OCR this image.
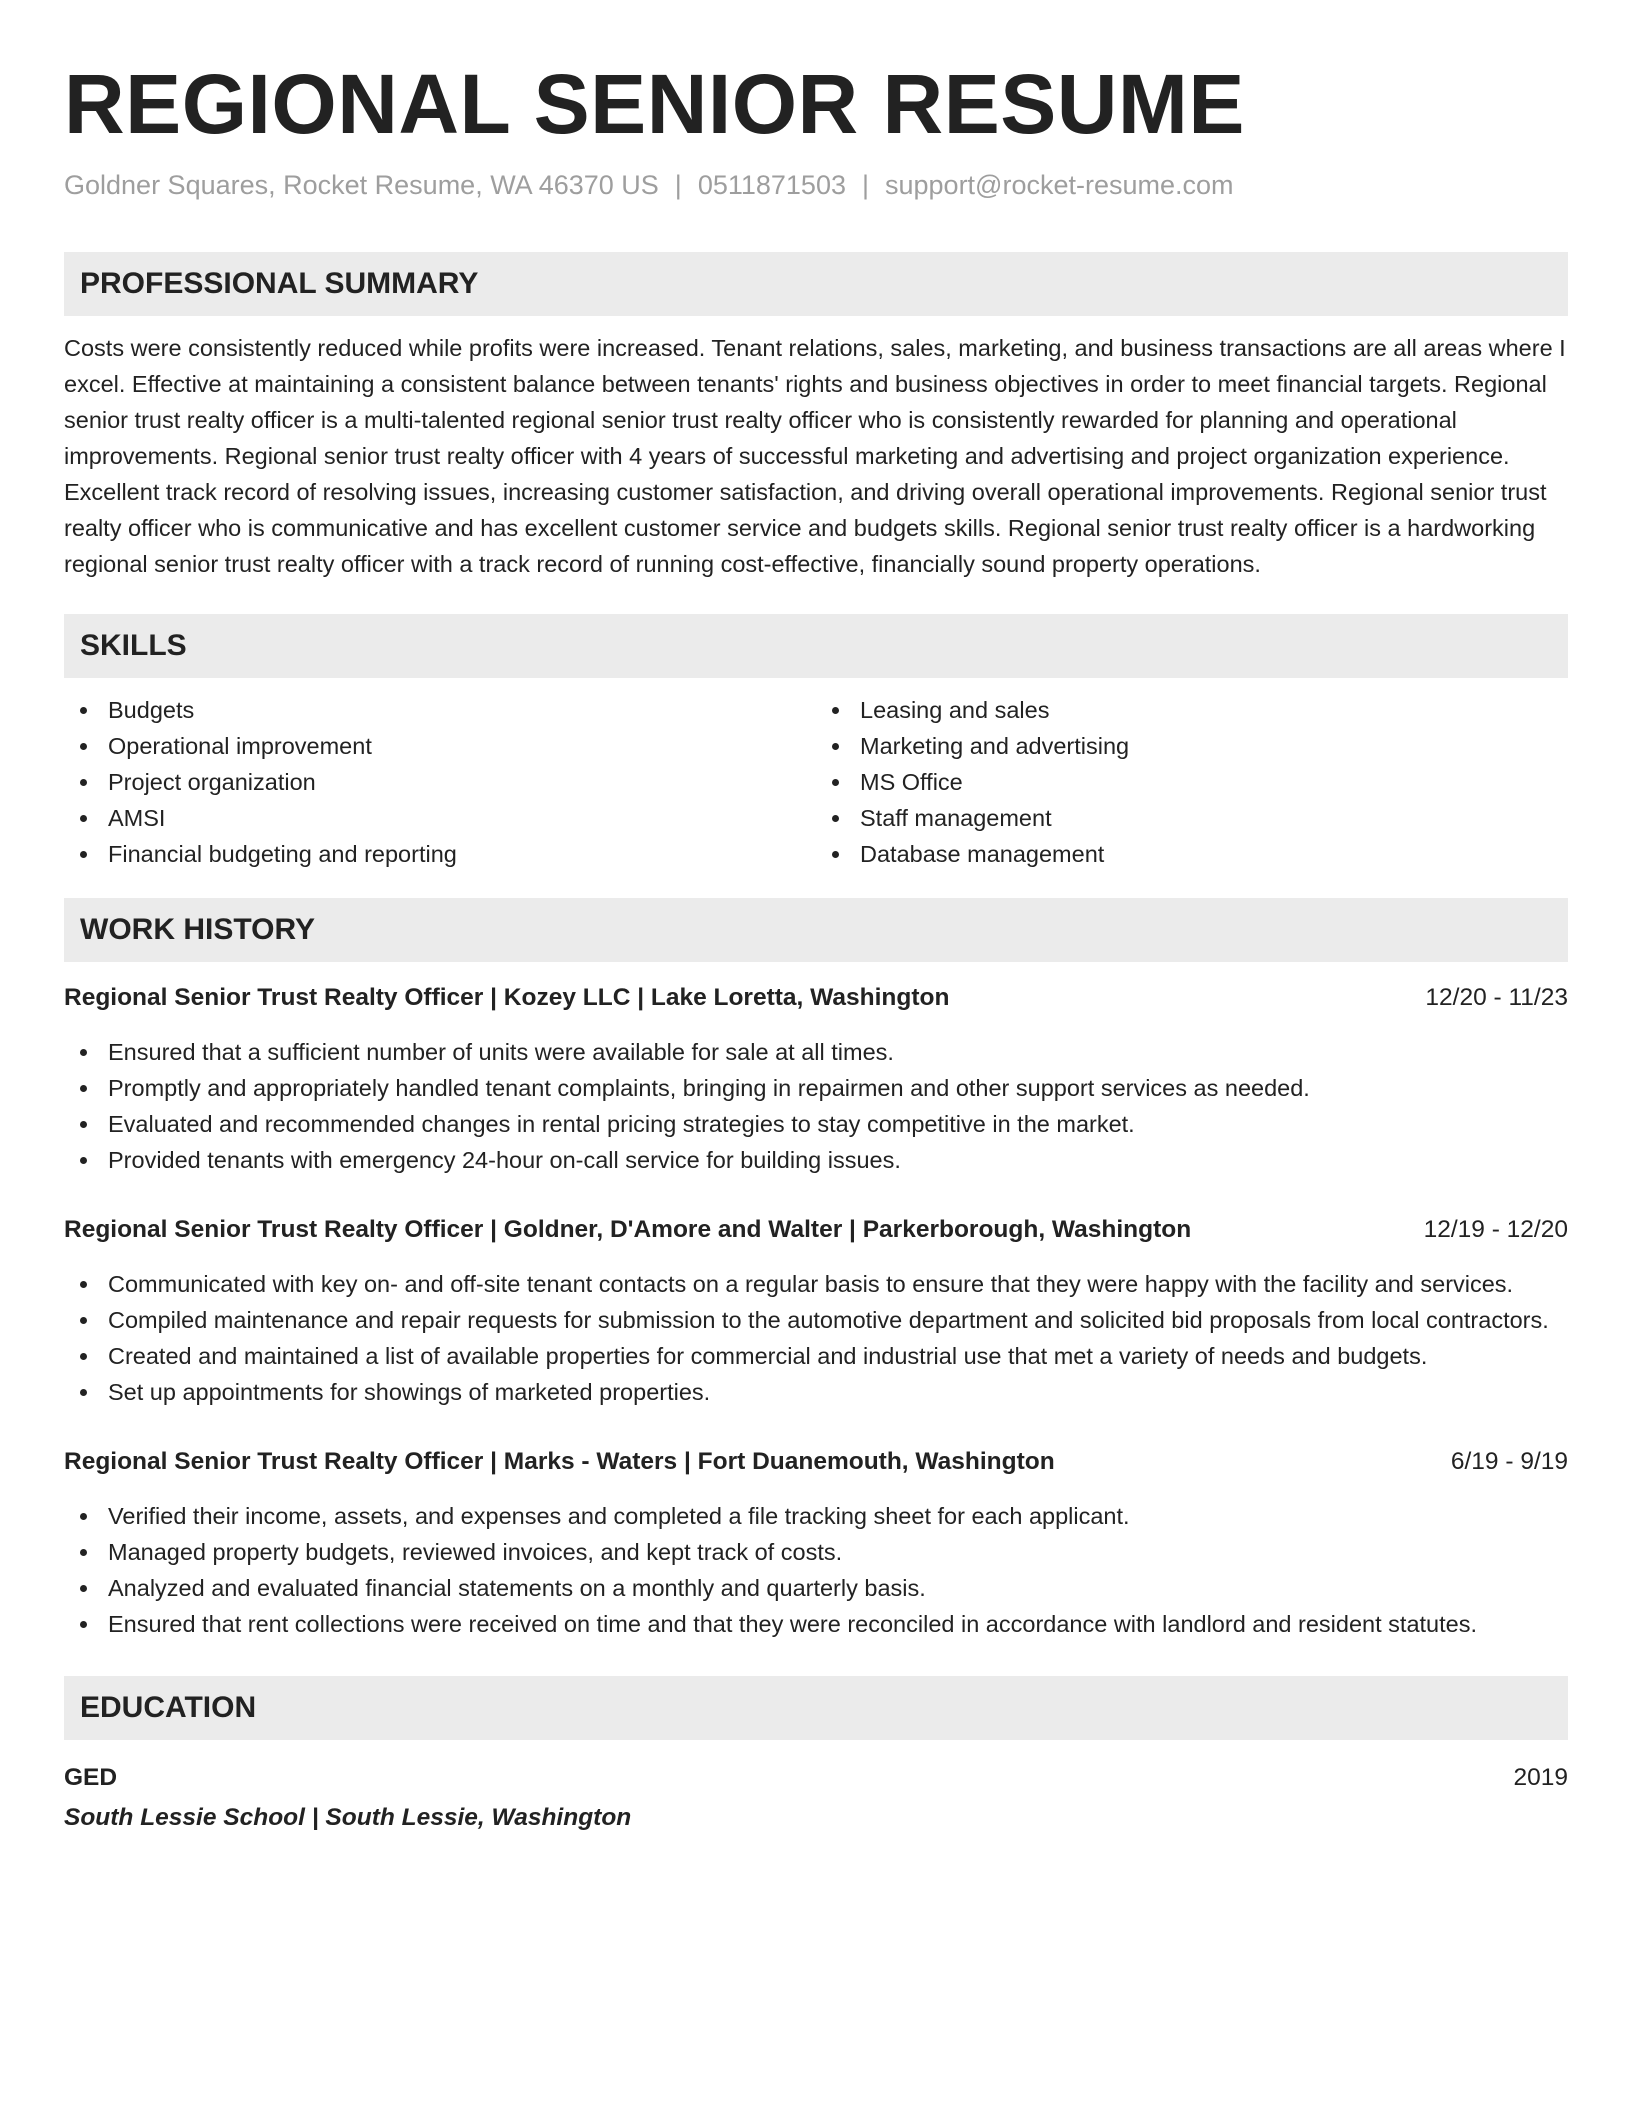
REGIONAL SENIOR RESUME
Goldner Squares, Rocket Resume, WA 46370 US | 0511871503 | support@rocket-resume.com
PROFESSIONAL SUMMARY
Costs were consistently reduced while profits were increased. Tenant relations, sales, marketing, and business transactions are all areas where I excel. Effective at maintaining a consistent balance between tenants' rights and business objectives in order to meet financial targets. Regional senior trust realty officer is a multi-talented regional senior trust realty officer who is consistently rewarded for planning and operational improvements. Regional senior trust realty officer with 4 years of successful marketing and advertising and project organization experience. Excellent track record of resolving issues, increasing customer satisfaction, and driving overall operational improvements. Regional senior trust realty officer who is communicative and has excellent customer service and budgets skills. Regional senior trust realty officer is a hardworking regional senior trust realty officer with a track record of running cost-effective, financially sound property operations.
SKILLS
Budgets
Operational improvement
Project organization
AMSI
Financial budgeting and reporting
Leasing and sales
Marketing and advertising
MS Office
Staff management
Database management
WORK HISTORY
Regional Senior Trust Realty Officer | Kozey LLC | Lake Loretta, Washington	12/20 - 11/23
Ensured that a sufficient number of units were available for sale at all times.
Promptly and appropriately handled tenant complaints, bringing in repairmen and other support services as needed.
Evaluated and recommended changes in rental pricing strategies to stay competitive in the market.
Provided tenants with emergency 24-hour on-call service for building issues.
Regional Senior Trust Realty Officer | Goldner, D'Amore and Walter | Parkerborough, Washington	12/19 - 12/20
Communicated with key on- and off-site tenant contacts on a regular basis to ensure that they were happy with the facility and services.
Compiled maintenance and repair requests for submission to the automotive department and solicited bid proposals from local contractors.
Created and maintained a list of available properties for commercial and industrial use that met a variety of needs and budgets.
Set up appointments for showings of marketed properties.
Regional Senior Trust Realty Officer | Marks - Waters | Fort Duanemouth, Washington	6/19 - 9/19
Verified their income, assets, and expenses and completed a file tracking sheet for each applicant.
Managed property budgets, reviewed invoices, and kept track of costs.
Analyzed and evaluated financial statements on a monthly and quarterly basis.
Ensured that rent collections were received on time and that they were reconciled in accordance with landlord and resident statutes.
EDUCATION
GED	2019
South Lessie School | South Lessie, Washington
